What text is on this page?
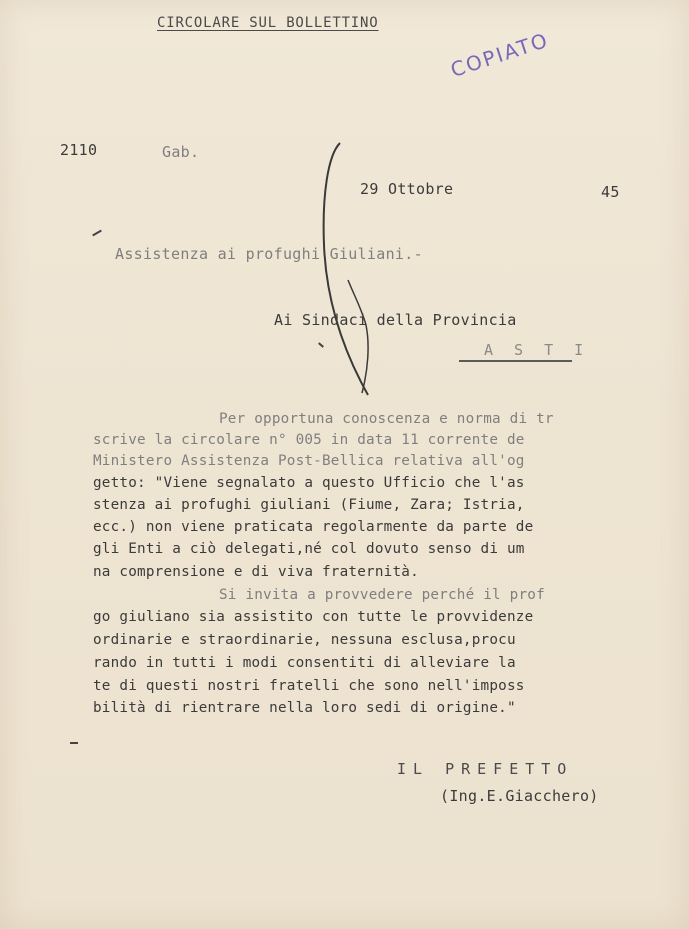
CIRCOLARE SUL BOLLETTINO
COPIATO
2110	Gab.
29 Ottobre	45
Assistenza ai profughi Giuliani.-
Ai Sindaci della Provincia
A S T I
Per opportuna conoscenza e norma di tr
scrive la circolare n° 005 in data 11 corrente de
Ministero Assistenza Post-Bellica relativa all'og
getto: "Viene segnalato a questo Ufficio che l'as
stenza ai profughi giuliani (Fiume, Zara; Istria,
ecc.) non viene praticata regolarmente da parte de
gli Enti a ciò delegati,né col dovuto senso di um
na comprensione e di viva fraternità.
Si invita a provvedere perché il prof
go giuliano sia assistito con tutte le provvidenze
ordinarie e straordinarie, nessuna esclusa,procu
rando in tutti i modi consentiti di alleviare la
te di questi nostri fratelli che sono nell'imposs
bilità di rientrare nella loro sedi di origine."
IL PREFETTO
(Ing.E.Giacchero)
